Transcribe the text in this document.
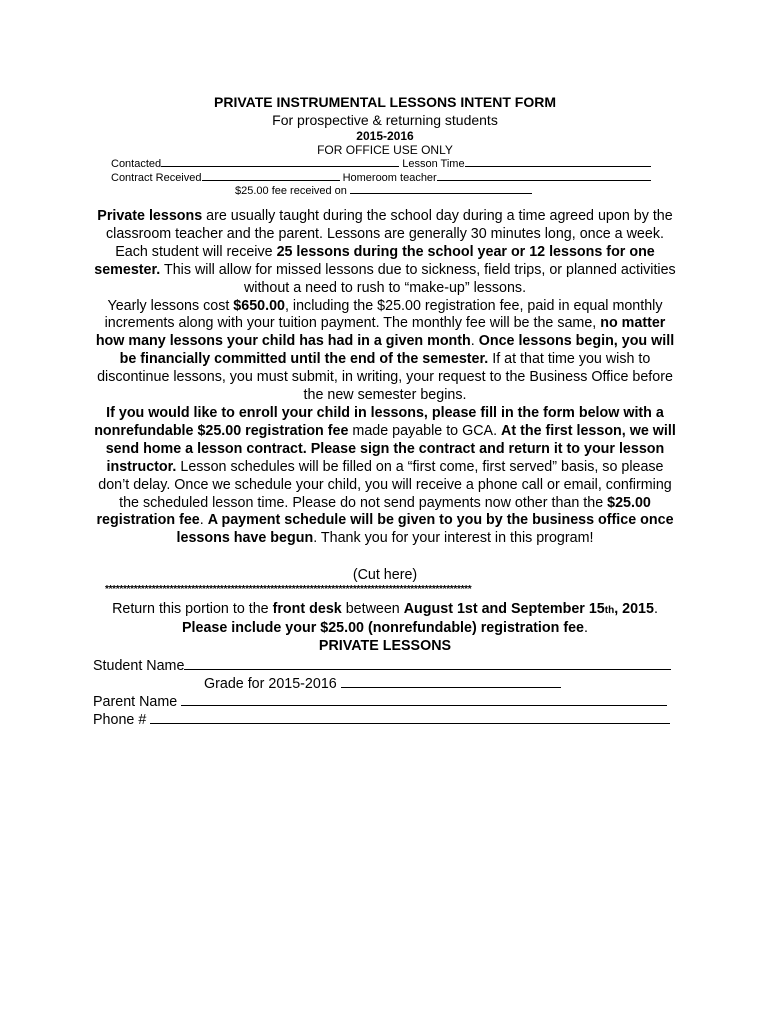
PRIVATE INSTRUMENTAL LESSONS INTENT FORM
For prospective & returning students
2015-2016
FOR OFFICE USE ONLY
Contacted	Lesson Time
Contract Received	Homeroom teacher
$25.00 fee received on
Private lessons are usually taught during the school day during a time agreed upon by the classroom teacher and the parent. Lessons are generally 30 minutes long, once a week. Each student will receive 25 lessons during the school year or 12 lessons for one semester. This will allow for missed lessons due to sickness, field trips, or planned activities without a need to rush to “make-up” lessons.
Yearly lessons cost $650.00, including the $25.00 registration fee, paid in equal monthly increments along with your tuition payment. The monthly fee will be the same, no matter how many lessons your child has had in a given month. Once lessons begin, you will be financially committed until the end of the semester. If at that time you wish to discontinue lessons, you must submit, in writing, your request to the Business Office before the new semester begins.
If you would like to enroll your child in lessons, please fill in the form below with a nonrefundable $25.00 registration fee made payable to GCA. At the first lesson, we will send home a lesson contract. Please sign the contract and return it to your lesson instructor. Lesson schedules will be filled on a “first come, first served” basis, so please don’t delay. Once we schedule your child, you will receive a phone call or email, confirming the scheduled lesson time. Please do not send payments now other than the $25.00 registration fee. A payment schedule will be given to you by the business office once lessons have begun. Thank you for your interest in this program!
(Cut here)
******************************************************************************************************
Return this portion to the front desk between August 1st and September 15th, 2015.
Please include your $25.00 (nonrefundable) registration fee.
PRIVATE LESSONS
Student Name
Grade for 2015-2016
Parent Name
Phone #
